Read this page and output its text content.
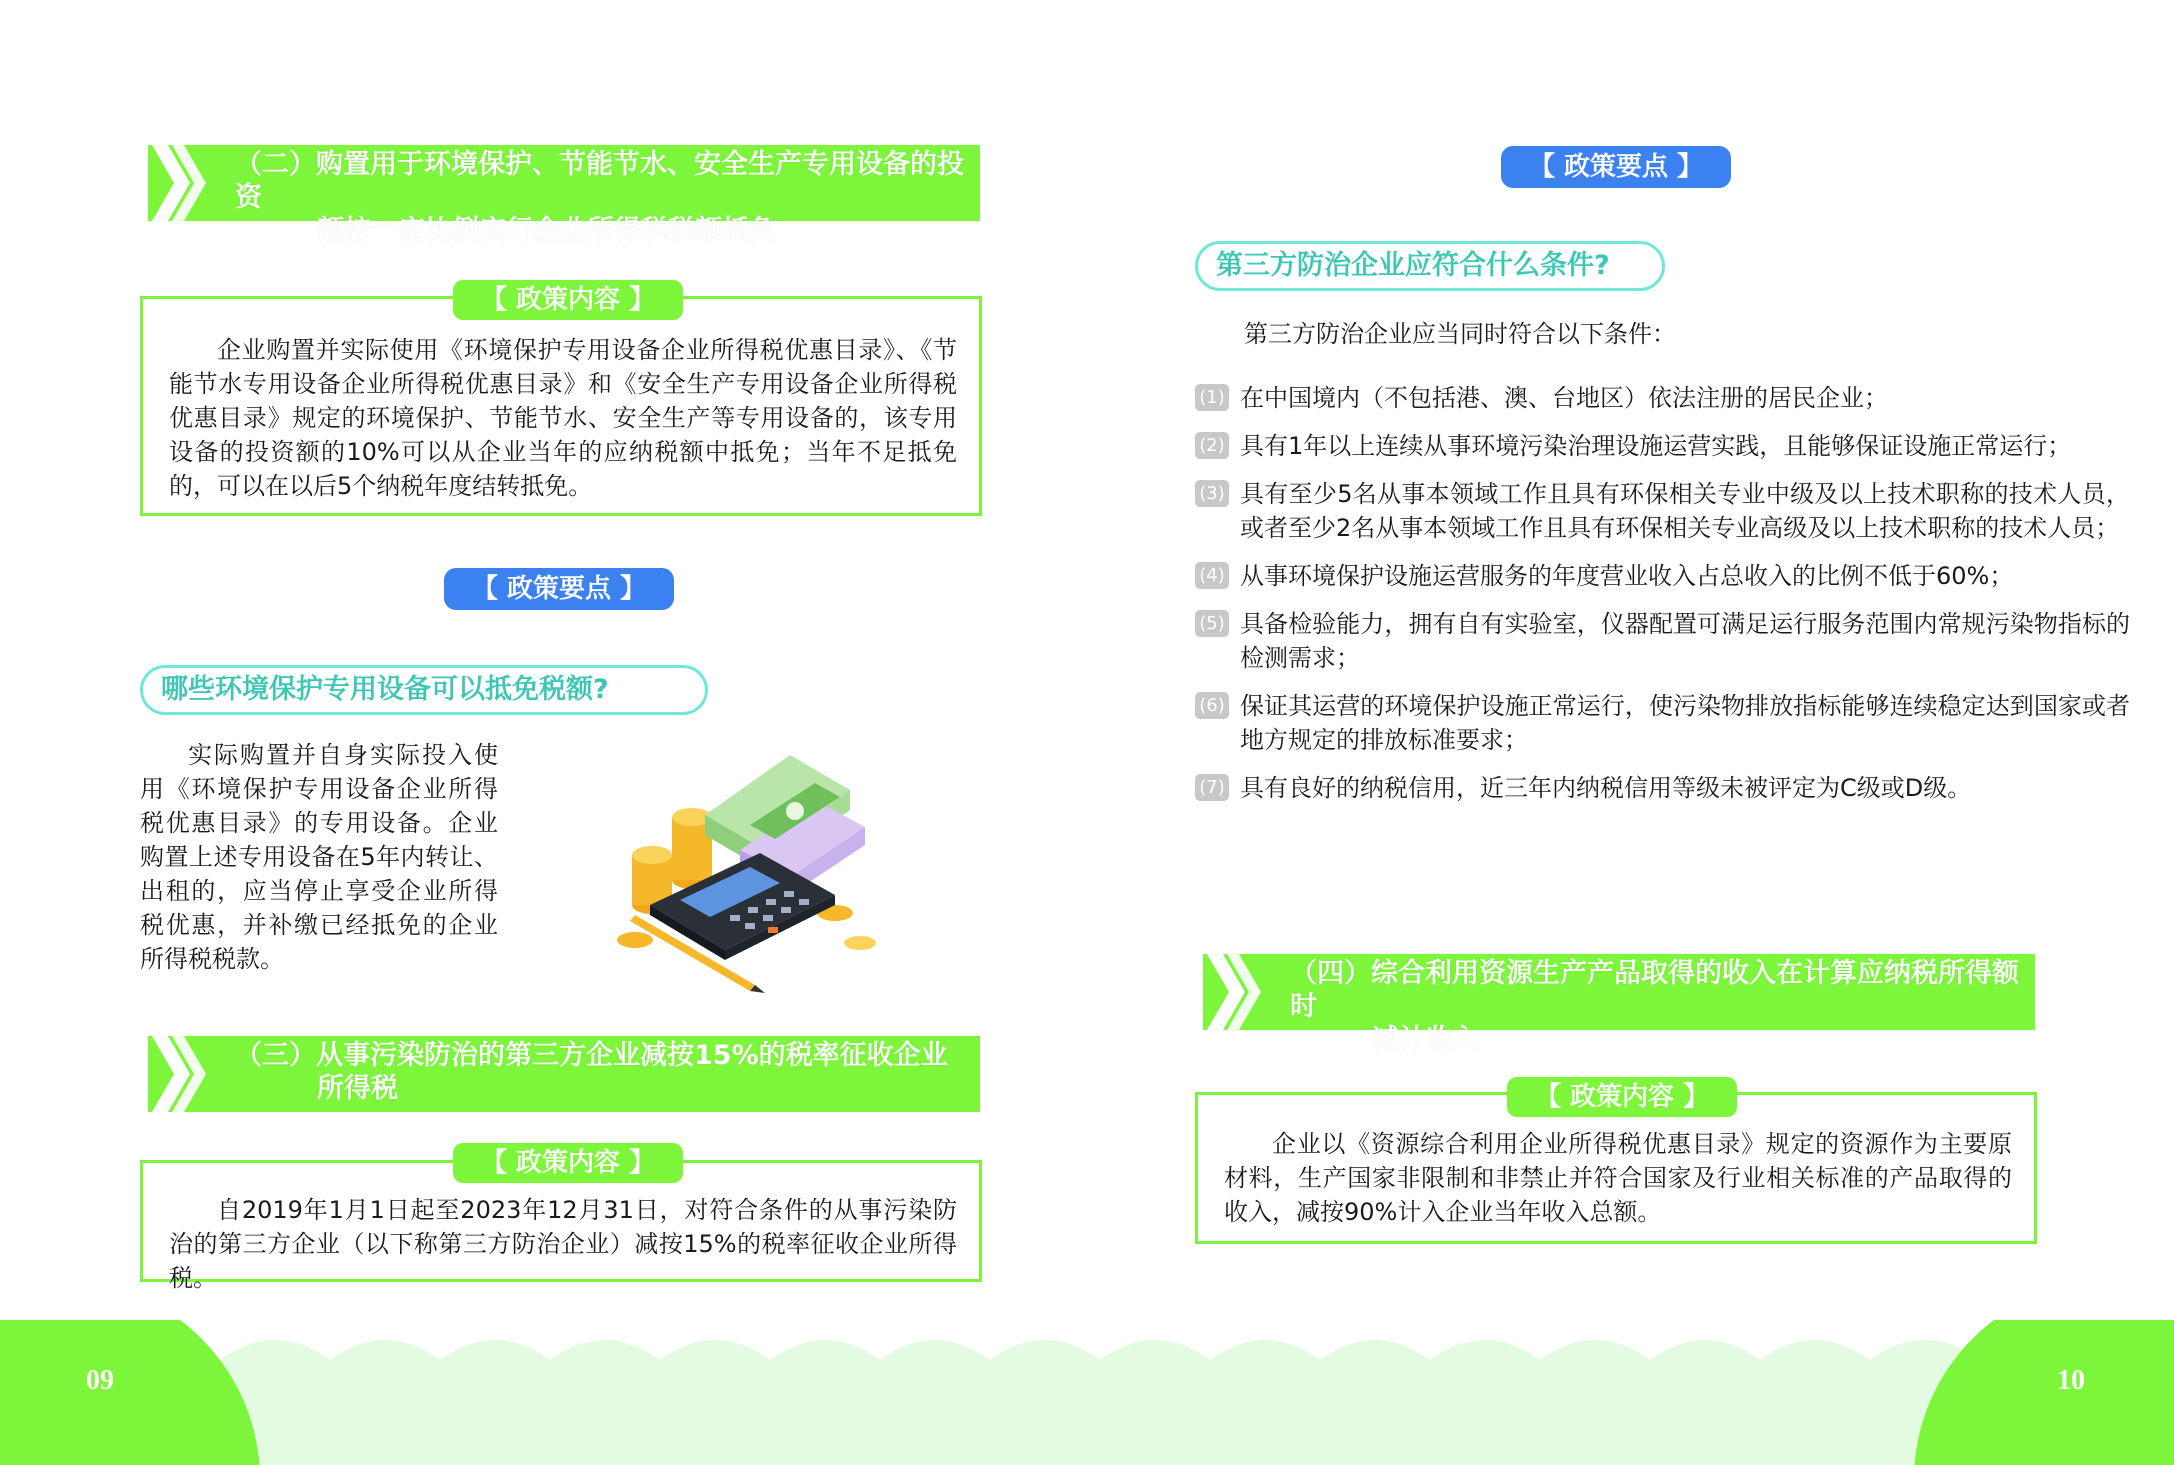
（二）购置用于环境保护、节能节水、安全生产专用设备的投资
额按一定比例实行企业所得税税额抵免

企业购置并实际使用《环境保护专用设备企业所得税优惠目录》、《节能节水专用设备企业所得税优惠目录》和《安全生产专用设备企业所得税优惠目录》规定的环境保护、节能节水、安全生产等专用设备的，该专用设备的投资额的10%可以从企业当年的应纳税额中抵免；当年不足抵免的，可以在以后5个纳税年度结转抵免。

【 政策内容 】
【 政策要点 】
哪些环境保护专用设备可以抵免税额?
实际购置并自身实际投入使用《环境保护专用设备企业所得税优惠目录》的专用设备。企业购置上述专用设备在5年内转让、出租的，应当停止享受企业所得税优惠，并补缴已经抵免的企业所得税税款。
（三）从事污染防治的第三方企业减按15%的税率征收企业
所得税

自2019年1月1日起至2023年12月31日，对符合条件的从事污染防治的第三方企业（以下称第三方防治企业）减按15%的税率征收企业所得税。

【 政策内容 】
【 政策要点 】
第三方防治企业应符合什么条件?
第三方防治企业应当同时符合以下条件：
(1) 在中国境内（不包括港、澳、台地区）依法注册的居民企业；
(2) 具有1年以上连续从事环境污染治理设施运营实践，且能够保证设施正常运行；
(3) 具有至少5名从事本领域工作且具有环保相关专业中级及以上技术职称的技术人员，或者至少2名从事本领域工作且具有环保相关专业高级及以上技术职称的技术人员；
(4) 从事环境保护设施运营服务的年度营业收入占总收入的比例不低于60%；
(5) 具备检验能力，拥有自有实验室，仪器配置可满足运行服务范围内常规污染物指标的检测需求；
(6) 保证其运营的环境保护设施正常运行，使污染物排放指标能够连续稳定达到国家或者地方规定的排放标准要求；
(7) 具有良好的纳税信用，近三年内纳税信用等级未被评定为C级或D级。
（四）综合利用资源生产产品取得的收入在计算应纳税所得额时
减计收入

企业以《资源综合利用企业所得税优惠目录》规定的资源作为主要原材料，生产国家非限制和非禁止并符合国家及行业相关标准的产品取得的收入，减按90%计入企业当年收入总额。

【 政策内容 】
09	10
